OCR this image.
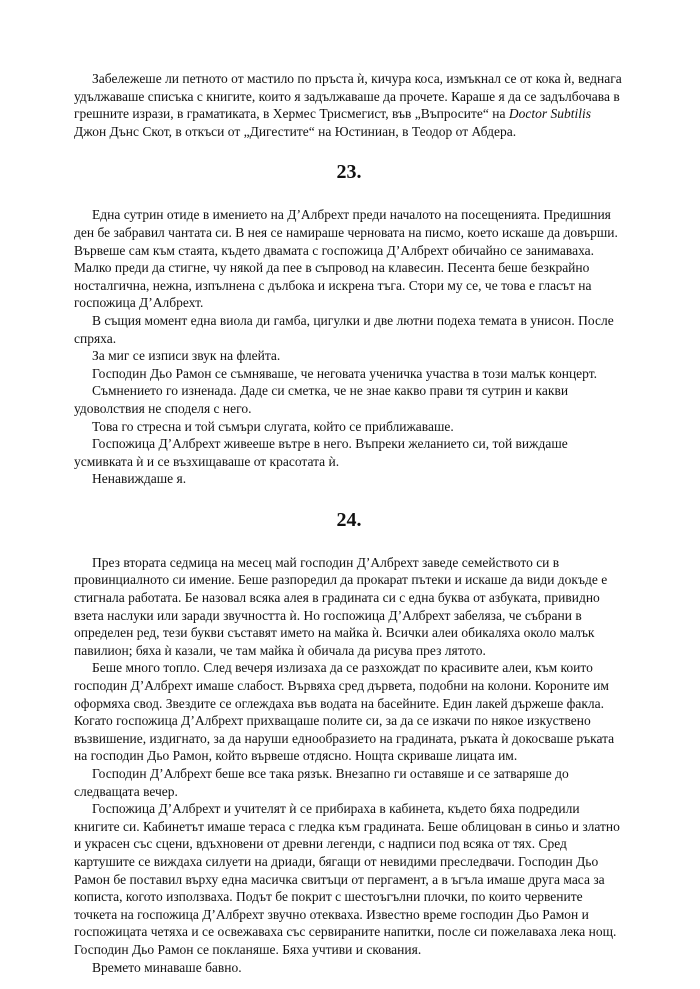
Забележеше ли петното от мастило по пръста ѝ, кичура коса, измъкнал се от кока ѝ, веднага удължаваше списъка с книгите, които я задължаваше да прочете. Караше я да се задълбочава в грешните изрази, в граматиката, в Хермес Трисмегист, във „Въпросите“ на Doctor Subtilis Джон Дънс Скот, в откъси от „Дигестите“ на Юстиниан, в Теодор от Абдера.

23.

Една сутрин отиде в имението на Д’Албрехт преди началото на посещенията. Предишния ден бе забравил чантата си. В нея се намираше черновата на писмо, което искаше да довърши. Вървеше сам към стаята, където двамата с госпожица Д’Албрехт обичайно се занимаваха. Малко преди да стигне, чу някой да пее в съпровод на клавесин. Песента беше безкрайно носталгична, нежна, изпълнена с дълбока и искрена тъга. Стори му се, че това е гласът на госпожица Д’Албрехт.

В същия момент една виола ди гамба, цигулки и две лютни подеха темата в унисон. После спряха.

За миг се изписи звук на флейта.

Господин Дьо Рамон се съмняваше, че неговата ученичка участва в този малък концерт.

Съмнението го изненада. Даде си сметка, че не знае какво прави тя сутрин и какви удоволствия не споделя с него.

Това го стресна и той съмъри слугата, който се приближаваше.

Госпожица Д’Албрехт живееше вътре в него. Въпреки желанието си, той виждаше усмивката ѝ и се възхищаваше от красотата ѝ.

Ненавиждаше я.

24.

През втората седмица на месец май господин Д’Албрехт заведе семейството си в провинциалното си имение. Беше разпоредил да прокарат пътеки и искаше да види докъде е стигнала работата. Бе назовал всяка алея в градината си с една буква от азбуката, привидно взета наслуки или заради звучността ѝ. Но госпожица Д’Албрехт забеляза, че събрани в определен ред, тези букви съставят името на майка ѝ. Всички алеи обикаляха около малък павилион; бяха ѝ казали, че там майка ѝ обичала да рисува през лятото.

Беше много топло. След вечеря излизаха да се разхождат по красивите алеи, към които господин Д’Албрехт имаше слабост. Вървяха сред дървета, подобни на колони. Короните им оформяха свод. Звездите се оглеждаха във водата на басейните. Един лакей държеше факла. Когато госпожица Д’Албрехт прихващаше полите си, за да се изкачи по някое изкуствено възвишение, издигнато, за да наруши еднообразието на градината, ръката ѝ докосваше ръката на господин Дьо Рамон, който вървеше отдясно. Нощта скриваше лицата им.

Господин Д’Албрехт беше все така рязък. Внезапно ги оставяше и се затваряше до следващата вечер.

Госпожица Д’Албрехт и учителят ѝ се прибираха в кабинета, където бяха подредили книгите си. Кабинетът имаше тераса с гледка към градината. Беше облицован в синьо и златно и украсен със сцени, вдъхновени от древни легенди, с надписи под всяка от тях. Сред картушите се виждаха силуети на дриади, бягащи от невидими преследвачи. Господин Дьо Рамон бе поставил върху една масичка свитъци от пергамент, а в ъгъла имаше друга маса за кописта, когото използваха. Подът бе покрит с шестоъгълни плочки, по които червените точкета на госпожица Д’Албрехт звучно отекваха. Известно време господин Дьо Рамон и госпожицата четяха и се освежаваха със сервираните напитки, после си пожелаваха лека нощ. Господин Дьо Рамон се покланяше. Бяха учтиви и скования.

Времето минаваше бавно.
